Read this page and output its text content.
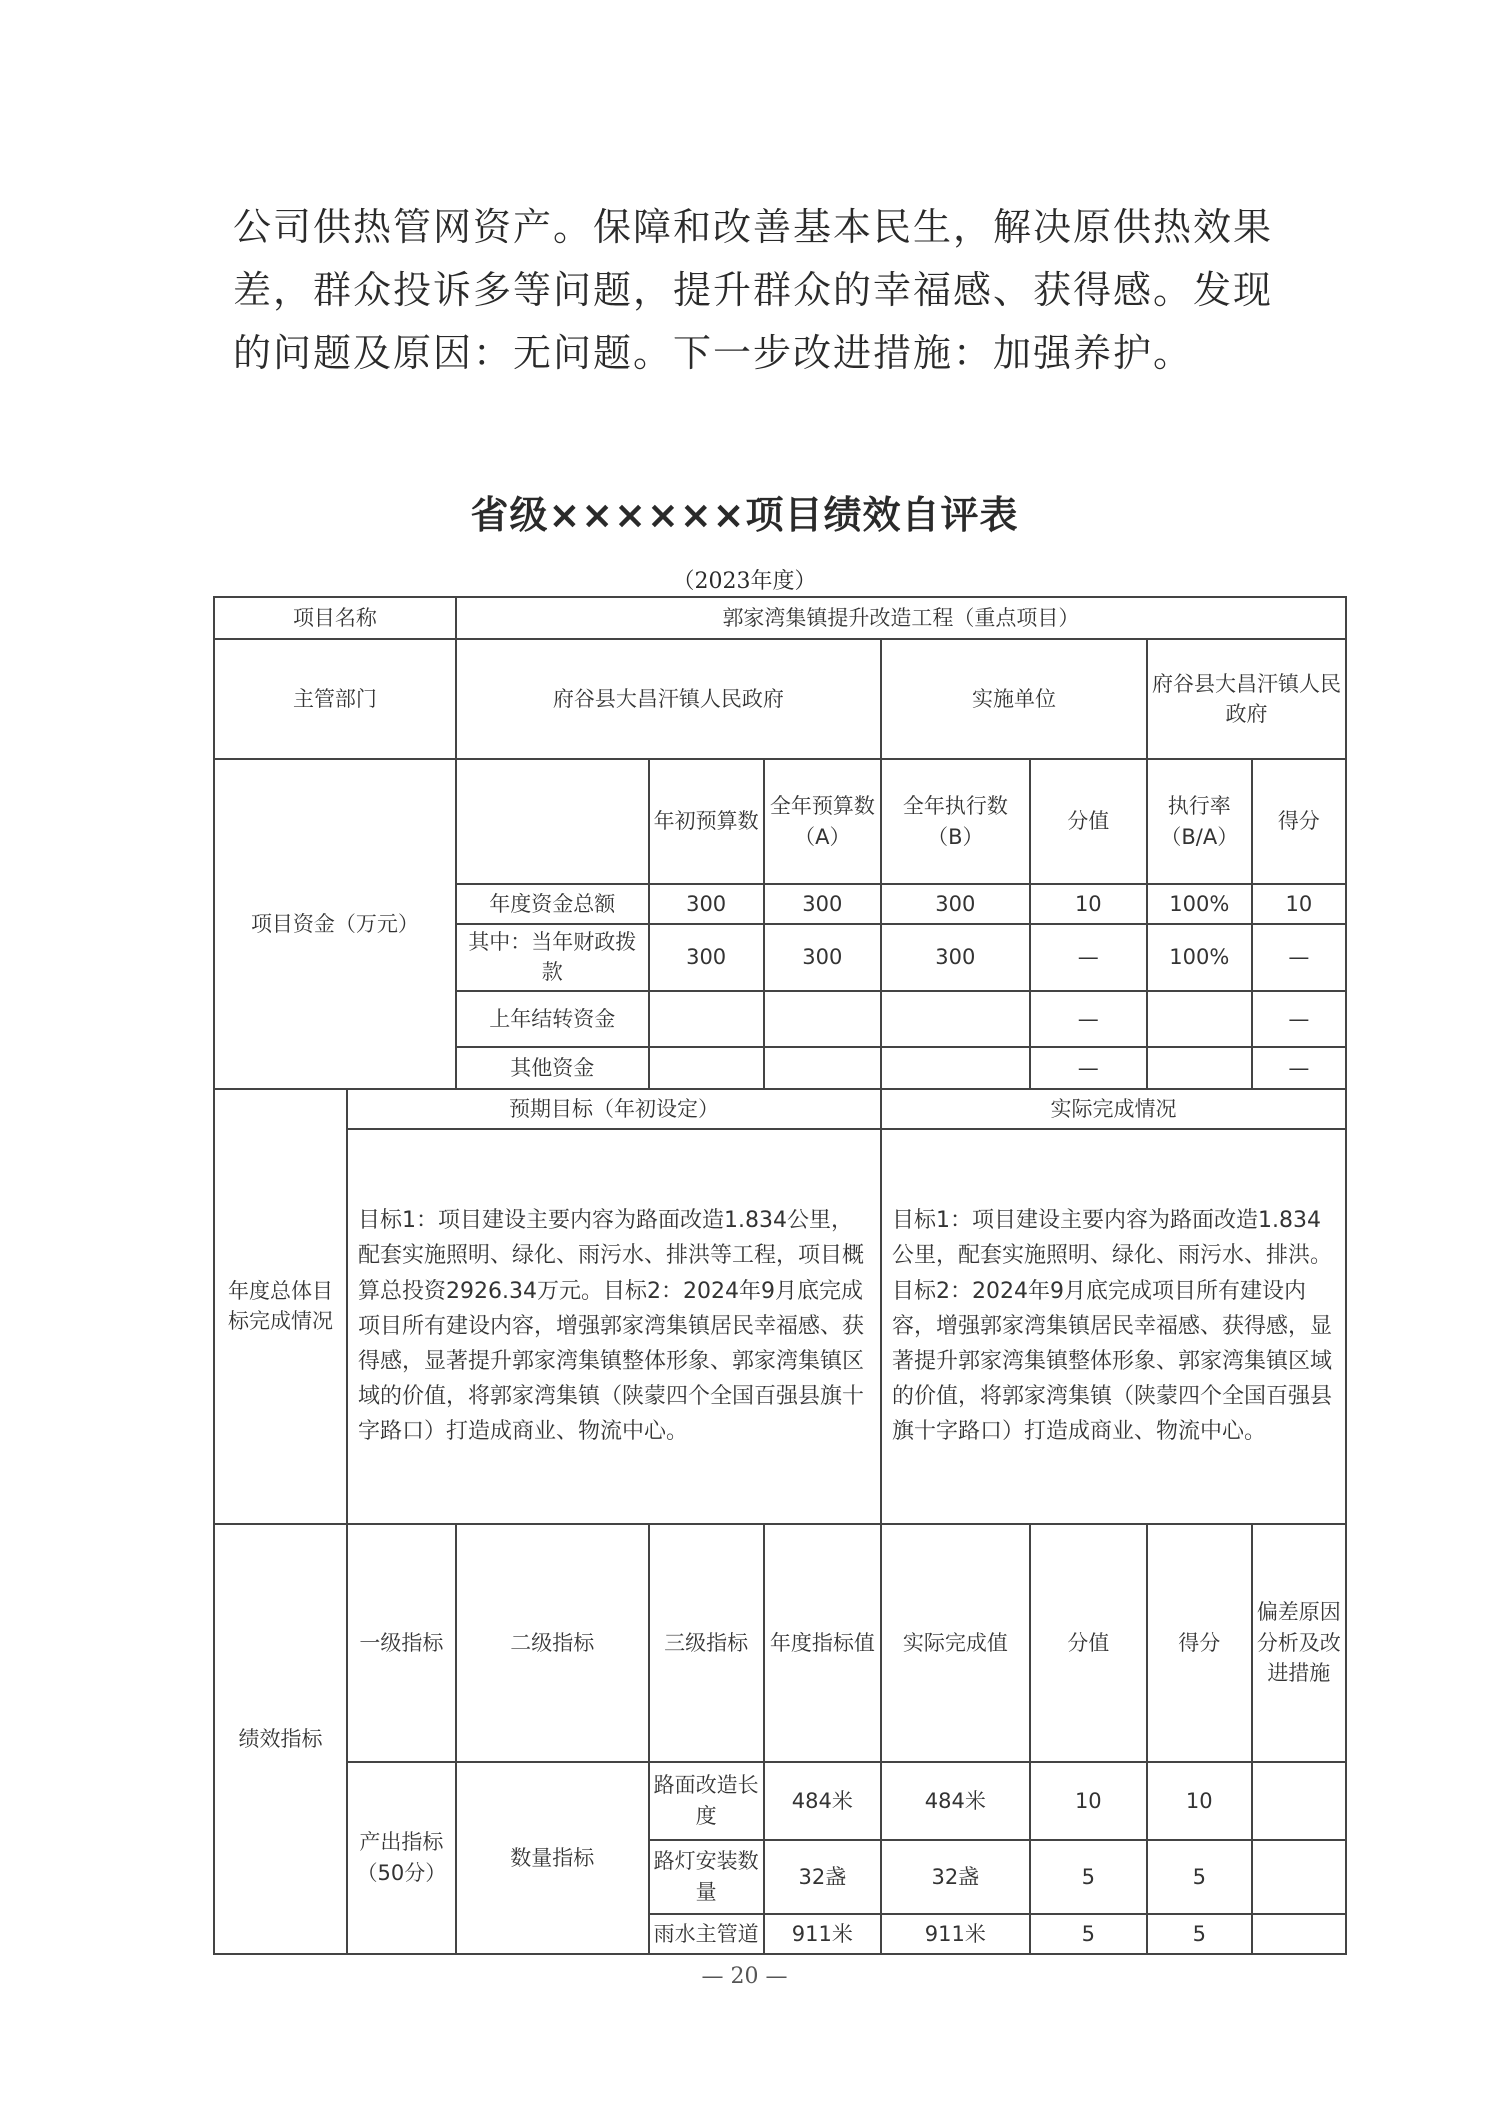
公司供热管网资产。保障和改善基本民生，解决原供热效果差，群众投诉多等问题，提升群众的幸福感、获得感。发现的问题及原因：无问题。下一步改进措施：加强养护。

省级××××××项目绩效自评表
（2023年度）
项目名称		郭家湾集镇提升改造工程（重点项目）						
主管部门		府谷县大昌汗镇人民政府			实施单位		府谷县大昌汗镇人民政府	
项目资金（万元）			年初预算数	全年预算数（A）	全年执行数（B）	分值	执行率（B/A）	得分
		年度资金总额	300	300	300	10	100%	10
		其中：当年财政拨款	300	300	300	—	100%	—
		上年结转资金				—		—
		其他资金				—		—
年度总体目标完成情况	预期目标（年初设定）				实际完成情况			
	目标1：项目建设主要内容为路面改造1.834公里，配套实施照明、绿化、雨污水、排洪等工程，项目概算总投资2926.34万元。目标2：2024年9月底完成项目所有建设内容，增强郭家湾集镇居民幸福感、获得感，显著提升郭家湾集镇整体形象、郭家湾集镇区域的价值，将郭家湾集镇（陕蒙四个全国百强县旗十字路口）打造成商业、物流中心。				目标1：项目建设主要内容为路面改造1.834公里，配套实施照明、绿化、雨污水、排洪。目标2：2024年9月底完成项目所有建设内容，增强郭家湾集镇居民幸福感、获得感，显著提升郭家湾集镇整体形象、郭家湾集镇区域的价值，将郭家湾集镇（陕蒙四个全国百强县旗十字路口）打造成商业、物流中心。			
绩效指标	一级指标	二级指标	三级指标	年度指标值	实际完成值	分值	得分	偏差原因分析及改进措施
	产出指标（50分）	数量指标	路面改造长度	484米	484米	10	10	
			路灯安装数量	32盏	32盏	5	5	
			雨水主管道	911米	911米	5	5	
— 20 —
